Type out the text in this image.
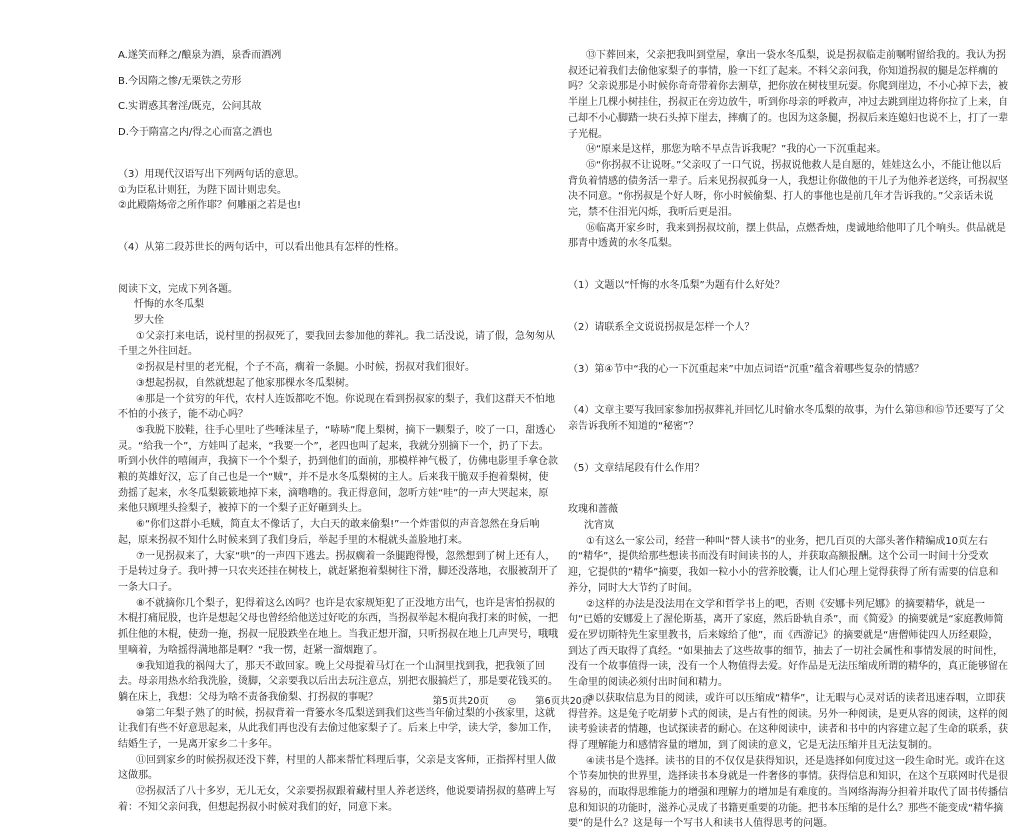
A.遂笑而释之/酿泉为酒，泉香而酒冽

B.今因隋之惨/无栗铁之劳形

C.实谓惑其奢淫/既克，公问其故

D.今于隋富之内/得之心而富之酒也

（3）用现代汉语写出下列两句话的意思。

①为臣私计则狂，为陛下固计则忠矣。

②此殿隋炀帝之所作耶？何雕丽之若是也!

（4）从第二段苏世长的两句话中，可以看出他具有怎样的性格。

阅读下文，完成下列各题。

忏悔的水冬瓜梨

罗大佺

①父亲打来电话，说村里的拐叔死了，要我回去参加他的葬礼。我二话没说，请了假，急匆匆从千里之外往回赶。

②拐叔是村里的老光棍，个子不高，瘸着一条腿。小时候，拐叔对我们很好。

③想起拐叔，自然就想起了他家那棵水冬瓜梨树。

④那是一个贫穷的年代，农村人连饭都吃不饱。你说现在看到拐叔家的梨子，我们这群天不怕地不怕的小孩子，能不动心吗？

⑤我脱下胶鞋，往手心里吐了些唾沫星子，“哧哧”爬上梨树，摘下一颗梨子，咬了一口，甜透心灵。“给我一个”，方娃叫了起来，“我要一个”，老四也叫了起来，我就分别摘下一个，扔了下去。听到小伙伴的嘻闹声，我摘下一个个梨子，扔到他们的面前，那模样神气极了，仿佛电影里手拿仓款粮的英雄好汉，忘了自己也是一个“贼”，并不是水冬瓜梨树的主人。后来我干脆双手抱着梨树，使劲摇了起来，水冬瓜梨簌簌地掉下来，滴噜噜的。我正得意间，忽听方娃“哇”的一声大哭起来，原来他只顾埋头捡梨子，被掉下的一个梨子正好砸到头上。

⑥“你们这群小毛贼，简直太不像话了，大白天的敢来偷梨!”一个炸雷似的声音忽然在身后响起，原来拐叔不知什么时候来到了我们身后，举起手里的木棍就头盖脸地打来。

⑦一见拐叔来了，大家“哄”的一声四下逃去。拐叔瘸着一条腿跑得慢，忽然想到了树上还有人，于是转过身子。我叶搏一只农夹还挂在树枝上，就赶紧抱着梨树往下滑，脚还没落地，衣服被刮开了一条大口子。

⑧不就摘你几个梨子，犯得着这么凶吗？也许是农家规矩犯了正没地方出气，也许是害怕拐叔的木棍打痛屁股，也许是想起父母也曾经给他送过好吃的东西，当拐叔举起木棍向我打来的时候，一把抓住他的木棍，使劲一拖，拐叔一屁股跌坐在地上。当我正想开溜，只听拐叔在地上几声哭号，哦哦里嘀着，为啥摇得满地都是啊？“我一愣，赶紧一溜烟跑了。

⑨我知道我的祸闯大了，那天不敢回家。晚上父母提着马灯在一个山洞里找到我，把我领了回去。母亲用热水给我洗脸，烫脚，父亲要我以后出去玩注意点，别把衣服搞烂了，那是要花钱买的。躺在床上，我想：父母为啥不责备我偷梨、打拐叔的事呢？

⑩第二年梨子熟了的时候，拐叔背着一背篓水冬瓜梨送到我们这些当年偷过梨的小孩家里，这就让我们有些不好意思起来，从此我们再也没有去偷过他家梨子了。后来上中学，读大学，参加工作，结婚生子，一晃离开家乡二十多年。

⑪回到家乡的时候拐叔还没下葬，村里的人都来帮忙料理后事，父亲是支客师，正指挥村里人做这做那。

⑫拐叔活了八十多岁，无儿无女，父亲要拐叔跟着藏村里人养老送终，他说要请拐叔的墓碑上写着：不知父亲问我，但想起拐叔小时候对我们的好，同意下来。

⑬下葬回来，父亲把我叫到堂屋，拿出一袋水冬瓜梨，说是拐叔临走前嘱咐留给我的。我认为拐叔还记着我们去偷他家梨子的事情，脸一下红了起来。不料父亲问我，你知道拐叔的腿是怎样瘸的吗？父亲说那是小时候你奇奇带着你去割草，把你放在树枝里玩耍。你爬到崖边，不小心掉下去，被半崖上几棵小树挂住，拐叔正在旁边放牛，听到你母亲的呼救声，冲过去跳到崖边将你拉了上来，自己却不小心脚踏一块石头掉下崖去，摔瘸了的。也因为这条腿，拐叔后来连媳妇也说不上，打了一辈子光棍。

⑭“原来是这样，那您为啥不早点告诉我呢？”我的心一下沉重起来。

⑮“你拐叔不让说呀。”父亲叹了一口气说，拐叔说他救人是自愿的，娃娃这么小，不能让他以后背负着情感的债务活一辈子。后来见拐叔孤身一人，我想让你做他的干儿子为他养老送终，可拐叔坚决不同意。“你拐叔是个好人呀，你小时候偷梨、打人的事他也是前几年才告诉我的。”父亲话未说完，禁不住泪光闪烁，我听后更是泪。

⑯临离开家乡时，我来到拐叔坟前，摆上供品，点燃香烛，虔诚地给他叩了几个响头。供品就是那青中透黄的水冬瓜梨。

（1）文题以“忏悔的水冬瓜梨”为题有什么好处？

（2）请联系全文说说拐叔是怎样一个人？

（3）第④节中“我的心一下沉重起来”中加点词语“沉重”蕴含着哪些复杂的情感？

（4）文章主要写我回家参加拐叔葬礼并回忆儿时偷水冬瓜梨的故事，为什么第⑬和⑮节还要写了父亲告诉我所不知道的“秘密”？

（5）文章结尾段有什么作用？

玫瑰和蔷薇

沈宵岚

①有这么一家公司，经营一种叫“替人读书”的业务，把几百页的大部头著作精编成10页左右的“精华”，提供给那些想读书而没有时间读书的人，并获取高额报酬。这个公司一时间十分受欢迎，它提供的“精华”摘要，我如一粒小小的营养胶囊，让人们心理上觉得获得了所有需要的信息和养分，同时大大节约了时间。

②这样的办法是没法用在文学和哲学书上的吧，否则《安娜卡列尼娜》的摘要精华，就是一句“已婚的安娜爱上了渥伦斯基，离开了家庭，然后卧轨自杀”，而《简爱》的摘要就是“家庭教师简爱在罗切斯特先生家里教书，后来嫁给了他”，而《西游记》的摘要就是“唐僧师徒四人历经艰险，到达了西天取得了真经。“如果抽去了这些故事的细节，抽去了一切社会属性和事情发展的时间性，没有一个故事值得一读，没有一个人物值得去爱。好作品是无法压缩成所谓的精华的，真正能够留在生命里的阅读必须付出时间和精力。

③以获取信息为目的阅读，或许可以压缩成“精华”，让无暇与心灵对话的读者迅速吞咽，立即获得营养。这是兔子吃胡萝卜式的阅读，是占有性的阅读。另外一种阅读，是更从容的阅读，这样的阅读考验读者的情趣，也试探读者的耐心。在这种阅读中，读者和书中的内容建立起了生命的联系，获得了理解能力和感情容量的增加，到了阅读的意义，它是无法压缩并且无法复制的。

④读书是个选择。读书的目的不仅仅是获得知识，还是选择如何度过这一段生命时光。或许在这个节奏加快的世界里，选择读书本身就是一件奢侈的事情。获得信息和知识，在这个互联网时代是很容易的，而取得思维能力的增强和理解力的增加是有难度的。当网络海海分担着并取代了固书传播信息和知识的功能时，滋养心灵成了书籍更重要的功能。把书本压缩的是什么？那些不能变成“精华摘要”的是什么？这是每一个写书人和读书人值得思考的问题。

第5页共20页 ◎ 第6页共20页
